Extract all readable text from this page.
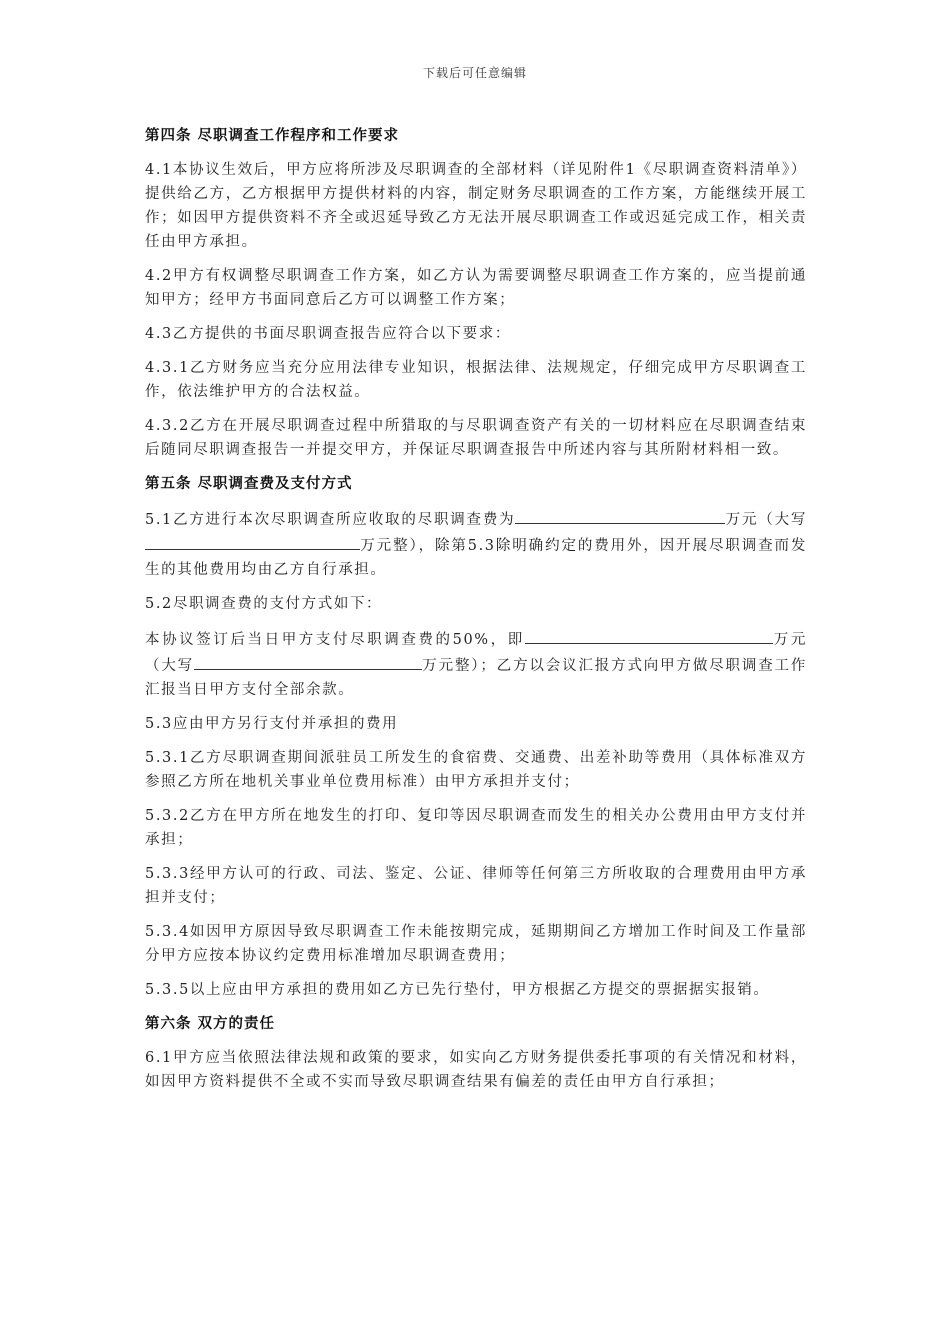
下载后可任意编辑
第四条 尽职调查工作程序和工作要求
4.1本协议生效后，甲方应将所涉及尽职调查的全部材料（详见附件1《尽职调查资料清单》）提供给乙方，乙方根据甲方提供材料的内容，制定财务尽职调查的工作方案，方能继续开展工作；如因甲方提供资料不齐全或迟延导致乙方无法开展尽职调查工作或迟延完成工作，相关责任由甲方承担。
4.2甲方有权调整尽职调查工作方案，如乙方认为需要调整尽职调查工作方案的，应当提前通知甲方；经甲方书面同意后乙方可以调整工作方案；
4.3乙方提供的书面尽职调查报告应符合以下要求：
4.3.1乙方财务应当充分应用法律专业知识，根据法律、法规规定，仔细完成甲方尽职调查工作，依法维护甲方的合法权益。
4.3.2乙方在开展尽职调查过程中所猎取的与尽职调查资产有关的一切材料应在尽职调查结束后随同尽职调查报告一并提交甲方，并保证尽职调查报告中所述内容与其所附材料相一致。
第五条 尽职调查费及支付方式
5.1乙方进行本次尽职调查所应收取的尽职调查费为	万元（大写万元整），除第5.3除明确约定的费用外，因开展尽职调查而发生的其他费用均由乙方自行承担。
5.2尽职调查费的支付方式如下：
本协议签订后当日甲方支付尽职调查费的50%，即	万元（大写	万元整）；乙方以会议汇报方式向甲方做尽职调查工作汇报当日甲方支付全部余款。
5.3应由甲方另行支付并承担的费用
5.3.1乙方尽职调查期间派驻员工所发生的食宿费、交通费、出差补助等费用（具体标准双方参照乙方所在地机关事业单位费用标准）由甲方承担并支付；
5.3.2乙方在甲方所在地发生的打印、复印等因尽职调查而发生的相关办公费用由甲方支付并承担；
5.3.3经甲方认可的行政、司法、鉴定、公证、律师等任何第三方所收取的合理费用由甲方承担并支付；
5.3.4如因甲方原因导致尽职调查工作未能按期完成，延期期间乙方增加工作时间及工作量部分甲方应按本协议约定费用标准增加尽职调查费用；
5.3.5以上应由甲方承担的费用如乙方已先行垫付，甲方根据乙方提交的票据据实报销。
第六条 双方的责任
6.1甲方应当依照法律法规和政策的要求，如实向乙方财务提供委托事项的有关情况和材料，如因甲方资料提供不全或不实而导致尽职调查结果有偏差的责任由甲方自行承担；
